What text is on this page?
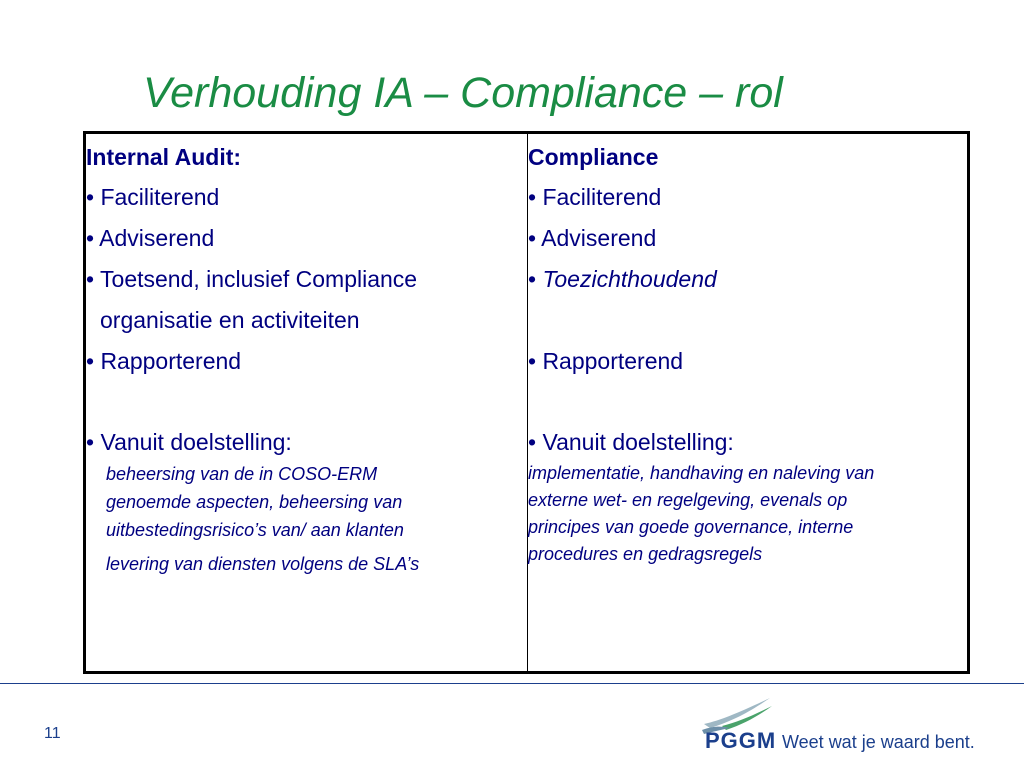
Verhouding IA – Compliance – rol
Internal Audit:
• Faciliterend
• Adviserend
• Toetsend, inclusief Compliance
organisatie en activiteiten
• Rapporterend
• Vanuit doelstelling:
beheersing van de in COSO-ERM
genoemde aspecten, beheersing van
uitbestedingsrisico’s van/ aan klanten
levering van diensten volgens de SLA’s
Compliance
• Faciliterend
• Adviserend
• Toezichthoudend
• Rapporterend
• Vanuit doelstelling:
implementatie, handhaving en naleving van
externe wet- en regelgeving, evenals op
principes van goede governance, interne
procedures en gedragsregels
11	PGGM Weet wat je waard bent.
